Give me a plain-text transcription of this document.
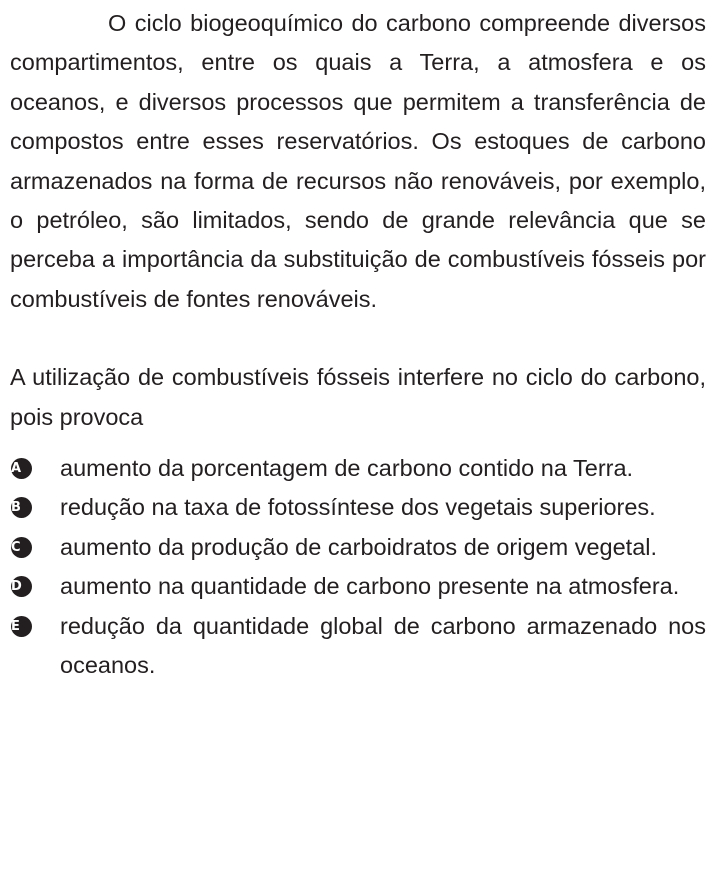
O ciclo biogeoquímico do carbono compreende diversos compartimentos, entre os quais a Terra, a atmosfera e os oceanos, e diversos processos que permitem a transferência de compostos entre esses reservatórios. Os estoques de carbono armazenados na forma de recursos não renováveis, por exemplo, o petróleo, são limitados, sendo de grande relevância que se perceba a importância da substituição de combustíveis fósseis por combustíveis de fontes renováveis.

A utilização de combustíveis fósseis interfere no ciclo do carbono, pois provoca

A	aumento da porcentagem de carbono contido na Terra.
B	redução na taxa de fotossíntese dos vegetais superiores.
C	aumento da produção de carboidratos de origem vegetal.
D	aumento na quantidade de carbono presente na atmosfera.
E	redução da quantidade global de carbono armazenado nos oceanos.
